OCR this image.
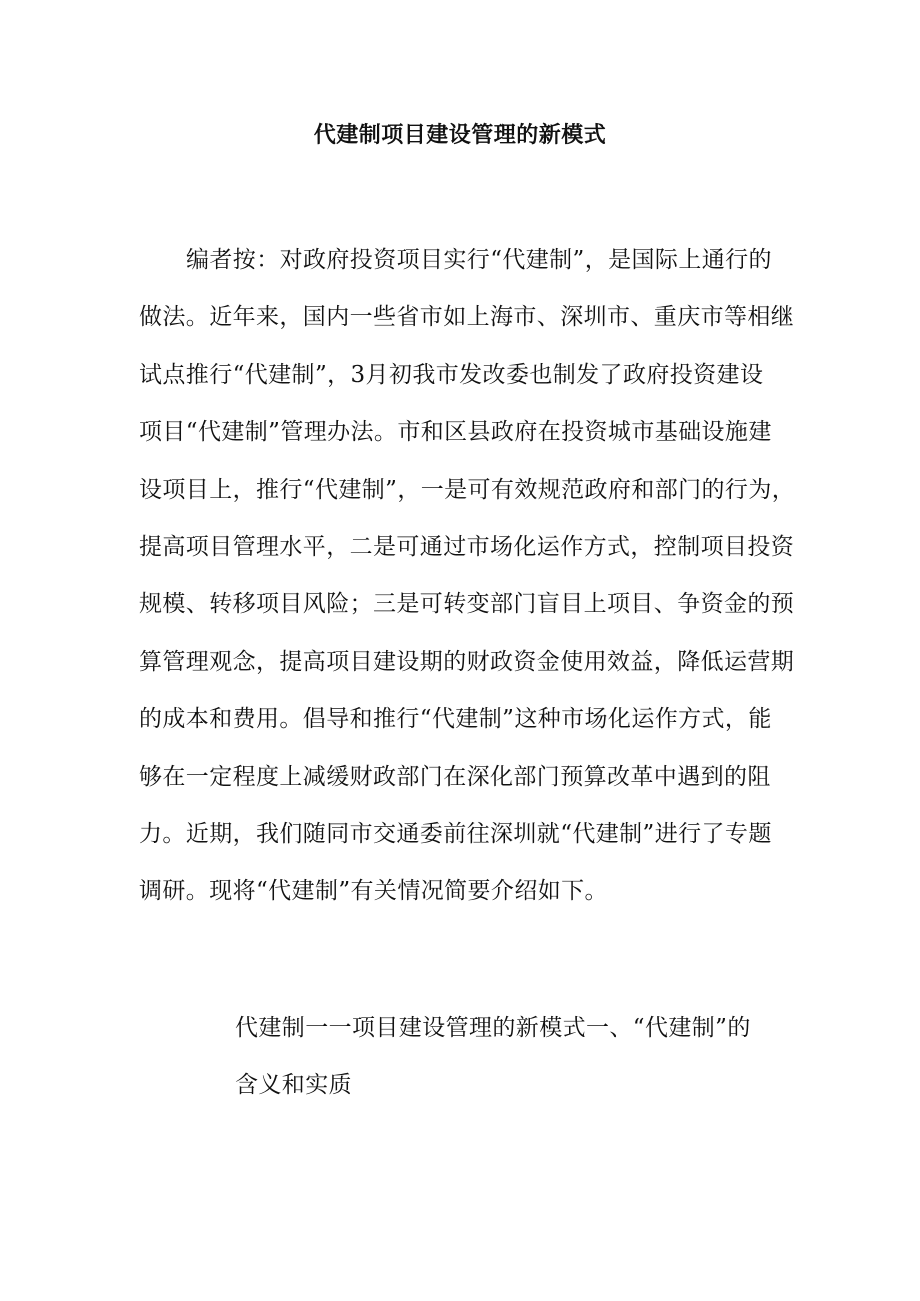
代建制项目建设管理的新模式
编者按：对政府投资项目实行“代建制”，是国际上通行的
做法。近年来，国内一些省市如上海市、深圳市、重庆市等相继
试点推行“代建制”，3月初我市发改委也制发了政府投资建设
项目“代建制”管理办法。市和区县政府在投资城市基础设施建
设项目上，推行“代建制”，一是可有效规范政府和部门的行为，
提高项目管理水平，二是可通过市场化运作方式，控制项目投资
规模、转移项目风险；三是可转变部门盲目上项目、争资金的预
算管理观念，提高项目建设期的财政资金使用效益，降低运营期
的成本和费用。倡导和推行“代建制”这种市场化运作方式，能
够在一定程度上减缓财政部门在深化部门预算改革中遇到的阻
力。近期，我们随同市交通委前往深圳就“代建制”进行了专题
调研。现将“代建制”有关情况简要介绍如下。
代建制一一项目建设管理的新模式一、“代建制”的
含义和实质
